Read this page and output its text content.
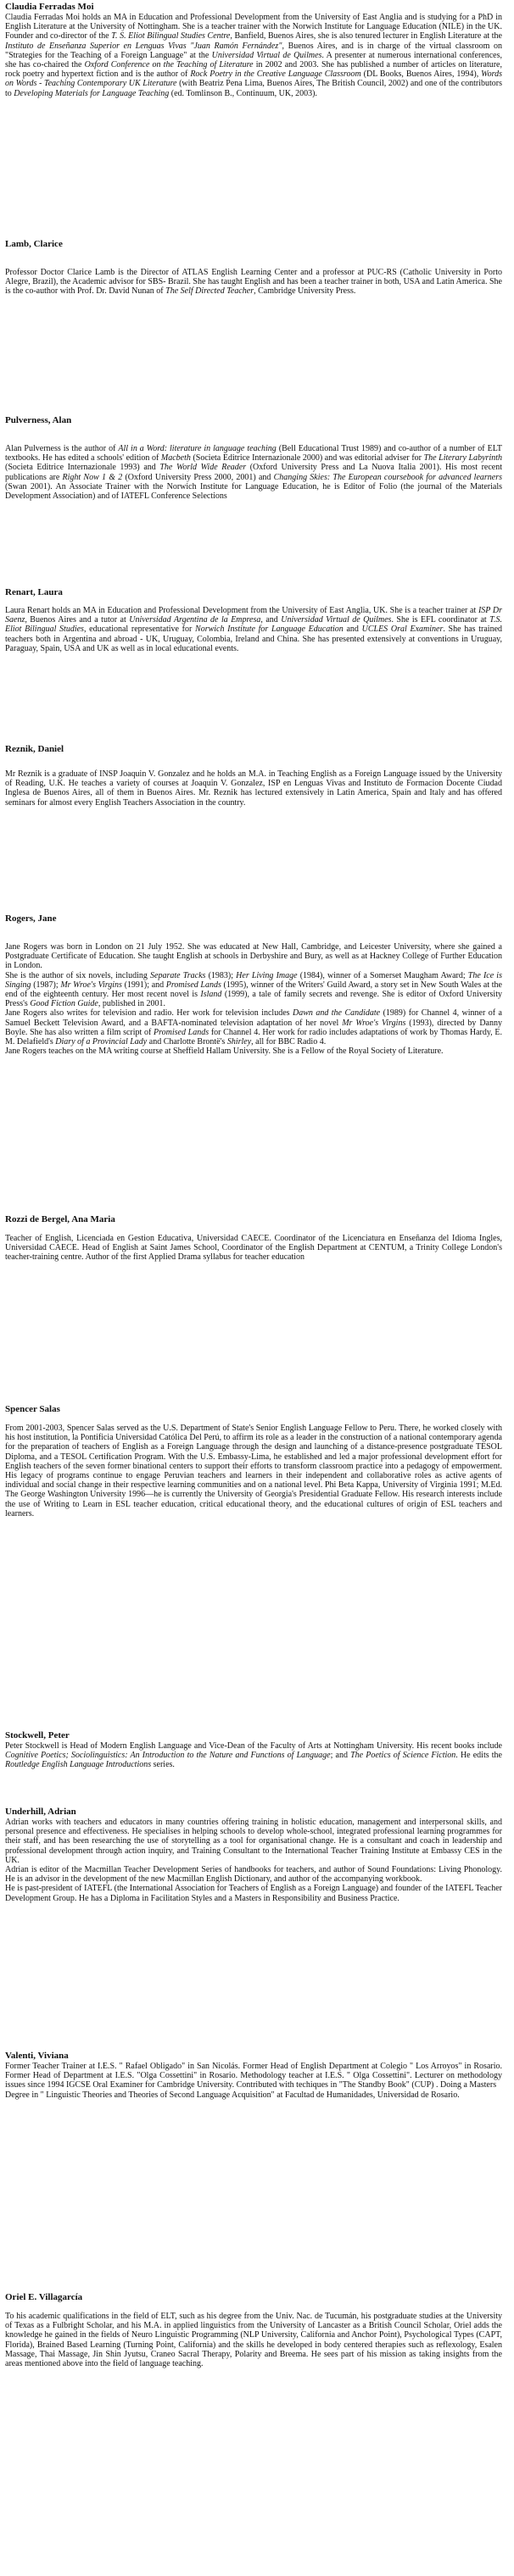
Claudia Ferradas Moi

Claudia Ferradas Moi holds an MA in Education and Professional Development from the University of East Anglia and is studying for a PhD in English Literature at the University of Nottingham. She is a teacher trainer with the Norwich Institute for Language Education (NILE) in the UK. Founder and co-director of the T. S. Eliot Bilingual Studies Centre, Banfield, Buenos Aires, she is also tenured lecturer in English Literature at the Instituto de Enseñanza Superior en Lenguas Vivas "Juan Ramón Fernández", Buenos Aires, and is in charge of the virtual classroom on "Strategies for the Teaching of a Foreign Language" at the Universidad Virtual de Quilmes. A presenter at numerous international conferences, she has co-chaired the Oxford Conference on the Teaching of Literature in 2002 and 2003. She has published a number of articles on literature, rock poetry and hypertext fiction and is the author of Rock Poetry in the Creative Language Classroom (DL Books, Buenos Aires, 1994), Words on Words - Teaching Contemporary UK Literature (with Beatriz Pena Lima, Buenos Aires, The British Council, 2002) and one of the contributors to Developing Materials for Language Teaching (ed. Tomlinson B., Continuum, UK, 2003).

Lamb, Clarice

Professor Doctor Clarice Lamb is the Director of ATLAS English Learning Center and a professor at PUC-RS (Catholic University in Porto Alegre, Brazil), the Academic advisor for SBS- Brazil. She has taught English and has been a teacher trainer in both, USA and Latin America. She is the co-author with Prof. Dr. David Nunan of The Self Directed Teacher, Cambridge University Press.

Pulverness, Alan

Alan Pulverness is the author of All in a Word: literature in language teaching (Bell Educational Trust 1989) and co-author of a number of ELT textbooks. He has edited a schools' edition of Macbeth (Societa Editrice Internazionale 2000) and was editorial adviser for The Literary Labyrinth (Societa Editrice Internazionale 1993) and The World Wide Reader (Oxford University Press and La Nuova Italia 2001). His most recent publications are Right Now 1 & 2 (Oxford University Press 2000, 2001) and Changing Skies: The European coursebook for advanced learners (Swan 2001). An Associate Trainer with the Norwich Institute for Language Education, he is Editor of Folio (the journal of the Materials Development Association) and of IATEFL Conference Selections

Renart, Laura

Laura Renart holds an MA in Education and Professional Development from the University of East Anglia, UK. She is a teacher trainer at ISP Dr Saenz, Buenos Aires and a tutor at Universidad Argentina de la Empresa, and Universidad Virtual de Quilmes. She is EFL coordinator at T.S. Eliot Bilingual Studies, educational representative for Norwich Institute for Language Education and UCLES Oral Examiner. She has trained teachers both in Argentina and abroad - UK, Uruguay, Colombia, Ireland and China. She has presented extensively at conventions in Uruguay, Paraguay, Spain, USA and UK as well as in local educational events.

Reznik, Daniel

Mr Reznik is a graduate of INSP Joaquin V. Gonzalez and he holds an M.A. in Teaching English as a Foreign Language issued by the University of Reading, U.K. He teaches a variety of courses at Joaquin V. Gonzalez, ISP en Lenguas Vivas and Instituto de Formacion Docente Ciudad Inglesa de Buenos Aires, all of them in Buenos Aires. Mr. Reznik has lectured extensively in Latin America, Spain and Italy and has offered seminars for almost every English Teachers Association in the country.

Rogers, Jane

Jane Rogers was born in London on 21 July 1952. She was educated at New Hall, Cambridge, and Leicester University, where she gained a Postgraduate Certificate of Education. She taught English at schools in Derbyshire and Bury, as well as at Hackney College of Further Education in London.
She is the author of six novels, including Separate Tracks (1983); Her Living Image (1984), winner of a Somerset Maugham Award; The Ice is Singing (1987); Mr Wroe's Virgins (1991); and Promised Lands (1995), winner of the Writers' Guild Award, a story set in New South Wales at the end of the eighteenth century. Her most recent novel is Island (1999), a tale of family secrets and revenge. She is editor of Oxford University Press's Good Fiction Guide, published in 2001.
Jane Rogers also writes for television and radio. Her work for television includes Dawn and the Candidate (1989) for Channel 4, winner of a Samuel Beckett Television Award, and a BAFTA-nominated television adaptation of her novel Mr Wroe's Virgins (1993), directed by Danny Boyle. She has also written a film script of Promised Lands for Channel 4. Her work for radio includes adaptations of work by Thomas Hardy, E. M. Delafield's Diary of a Provincial Lady and Charlotte Brontë's Shirley, all for BBC Radio 4.
Jane Rogers teaches on the MA writing course at Sheffield Hallam University. She is a Fellow of the Royal Society of Literature.

Rozzi de Bergel, Ana Maria

Teacher of English, Licenciada en Gestion Educativa, Universidad CAECE. Coordinator of the Licenciatura en Enseñanza del Idioma Ingles, Universidad CAECE. Head of English at Saint James School, Coordinator of the English Department at CENTUM, a Trinity College London's teacher-training centre. Author of the first Applied Drama syllabus for teacher education

Spencer Salas

From 2001-2003, Spencer Salas served as the U.S. Department of State's Senior English Language Fellow to Peru. There, he worked closely with his host institution, la Pontificia Universidad Católica Del Perú, to affirm its role as a leader in the construction of a national contemporary agenda for the preparation of teachers of English as a Foreign Language through the design and launching of a distance-presence postgraduate TESOL Diploma, and a TESOL Certification Program. With the U.S. Embassy-Lima, he established and led a major professional development effort for English teachers of the seven former binational centers to support their efforts to transform classroom practice into a pedagogy of empowerment. His legacy of programs continue to engage Peruvian teachers and learners in their independent and collaborative roles as active agents of individual and social change in their respective learning communities and on a national level. Phi Beta Kappa, University of Virginia 1991; M.Ed. The George Washington University 1996—he is currently the University of Georgia's Presidential Graduate Fellow. His research interests include the use of Writing to Learn in ESL teacher education, critical educational theory, and the educational cultures of origin of ESL teachers and learners.

Stockwell, Peter

Peter Stockwell is Head of Modern English Language and Vice-Dean of the Faculty of Arts at Nottingham University. His recent books include Cognitive Poetics; Sociolinguistics: An Introduction to the Nature and Functions of Language; and The Poetics of Science Fiction. He edits the Routledge English Language Introductions series.

Underhill, Adrian

Adrian works with teachers and educators in many countries offering training in holistic education, management and interpersonal skills, and personal presence and effectiveness. He specialises in helping schools to develop whole-school, integrated professional learning programmes for their staff, and has been researching the use of storytelling as a tool for organisational change. He is a consultant and coach in leadership and professional development through action inquiry, and Training Consultant to the International Teacher Training Institute at Embassy CES in the UK.
Adrian is editor of the Macmillan Teacher Development Series of handbooks for teachers, and author of Sound Foundations: Living Phonology. He is an advisor in the development of the new Macmillan English Dictionary, and author of the accompanying workbook.
He is past-president of IATEFL (the International Association for Teachers of English as a Foreign Language) and founder of the IATEFL Teacher Development Group. He has a Diploma in Facilitation Styles and a Masters in Responsibility and Business Practice.

Valenti, Viviana

Former Teacher Trainer at I.E.S. " Rafael Obligado" in San Nicolás. Former Head of English Department at Colegio " Los Arroyos" in Rosario. Former Head of Department at I.E.S. "Olga Cossettini" in Rosario. Methodology teacher at I.E.S. " Olga Cossettini". Lecturer on methodology issues since 1994 IGCSE Oral Examiner for Cambridge University. Contributed with techiques in "The Standby Book" (CUP) . Doing a Masters
Degree in " Linguistic Theories and Theories of Second Language Acquisition" at Facultad de Humanidades, Universidad de Rosario.

Oriel E. Villagarcía

To his academic qualifications in the field of ELT, such as his degree from the Univ. Nac. de Tucumán, his postgraduate studies at the University of Texas as a Fulbright Scholar, and his M.A. in applied linguistics from the University of Lancaster as a British Council Scholar, Oriel adds the knowledge he gained in the fields of Neuro Linguistic Programming (NLP University, California and Anchor Point), Psychological Types (CAPT, Florida), Brained Based Learning (Turning Point, California) and the skills he developed in body centered therapies such as reflexology, Esalen Massage, Thai Massage, Jin Shin Jyutsu, Craneo Sacral Therapy, Polarity and Breema. He sees part of his mission as taking insights from the areas mentioned above into the field of language teaching.
